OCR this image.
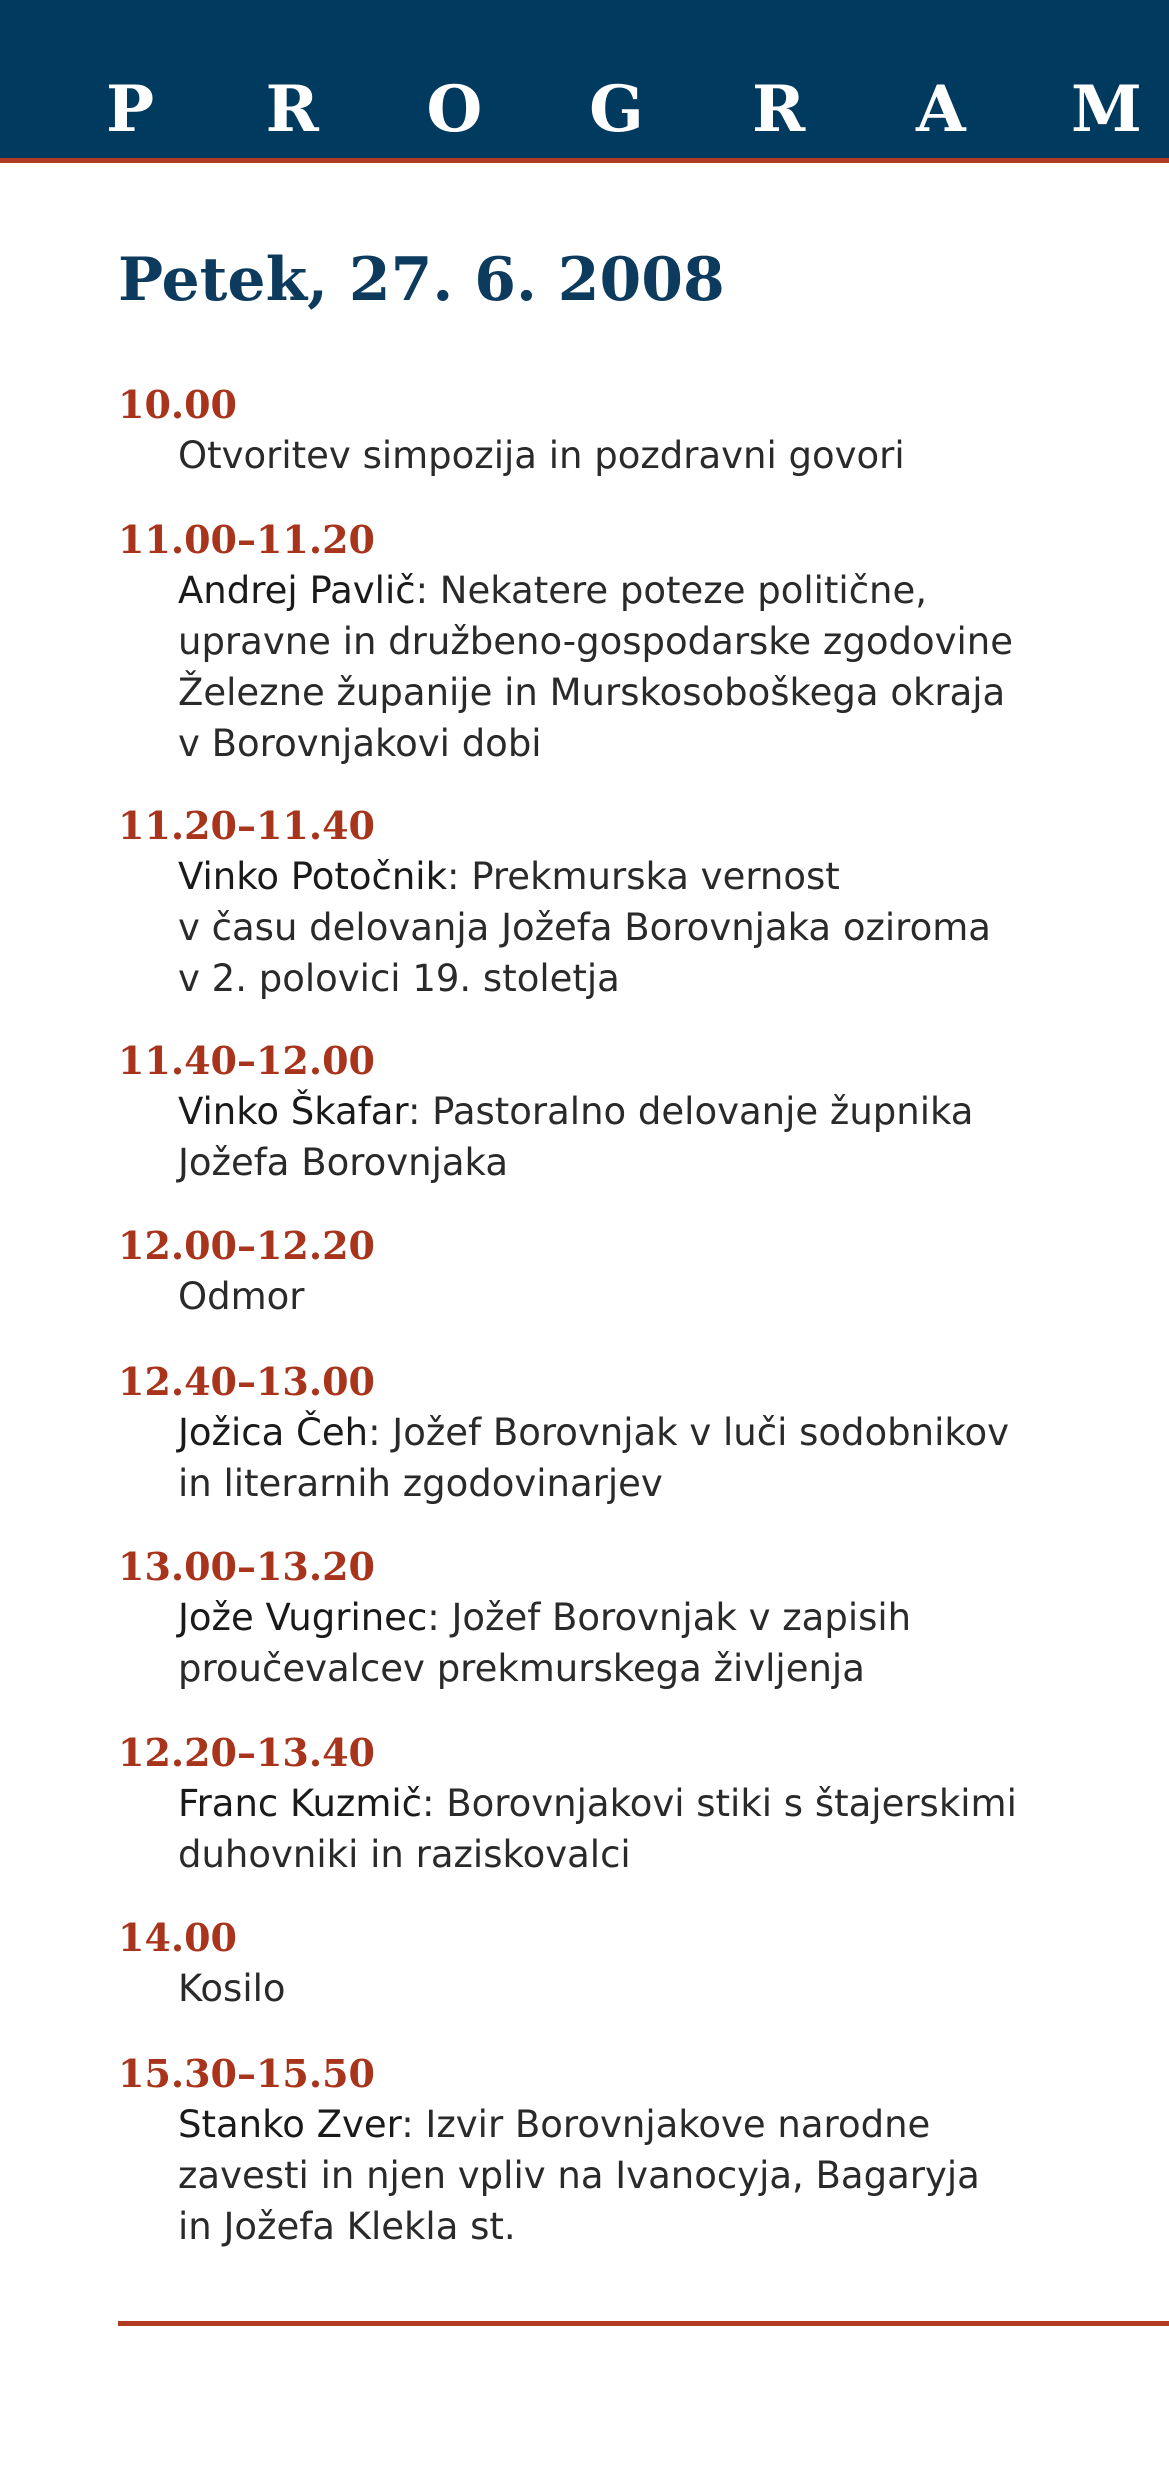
P R O G R A M
Petek, 27. 6. 2008
10.00
Otvoritev simpozija in pozdravni govori
11.00–11.20
Andrej Pavlič: Nekatere poteze politične,
upravne in družbeno-gospodarske zgodovine
Železne županije in Murskosoboškega okraja
v Borovnjakovi dobi
11.20–11.40
Vinko Potočnik: Prekmurska vernost
v času delovanja Jožefa Borovnjaka oziroma
v 2. polovici 19. stoletja
11.40–12.00
Vinko Škafar: Pastoralno delovanje župnika
Jožefa Borovnjaka
12.00–12.20
Odmor
12.40–13.00
Jožica Čeh: Jožef Borovnjak v luči sodobnikov
in literarnih zgodovinarjev
13.00–13.20
Jože Vugrinec: Jožef Borovnjak v zapisih
proučevalcev prekmurskega življenja
12.20–13.40
Franc Kuzmič: Borovnjakovi stiki s štajerskimi
duhovniki in raziskovalci
14.00
Kosilo
15.30–15.50
Stanko Zver: Izvir Borovnjakove narodne
zavesti in njen vpliv na Ivanocyja, Bagaryja
in Jožefa Klekla st.
